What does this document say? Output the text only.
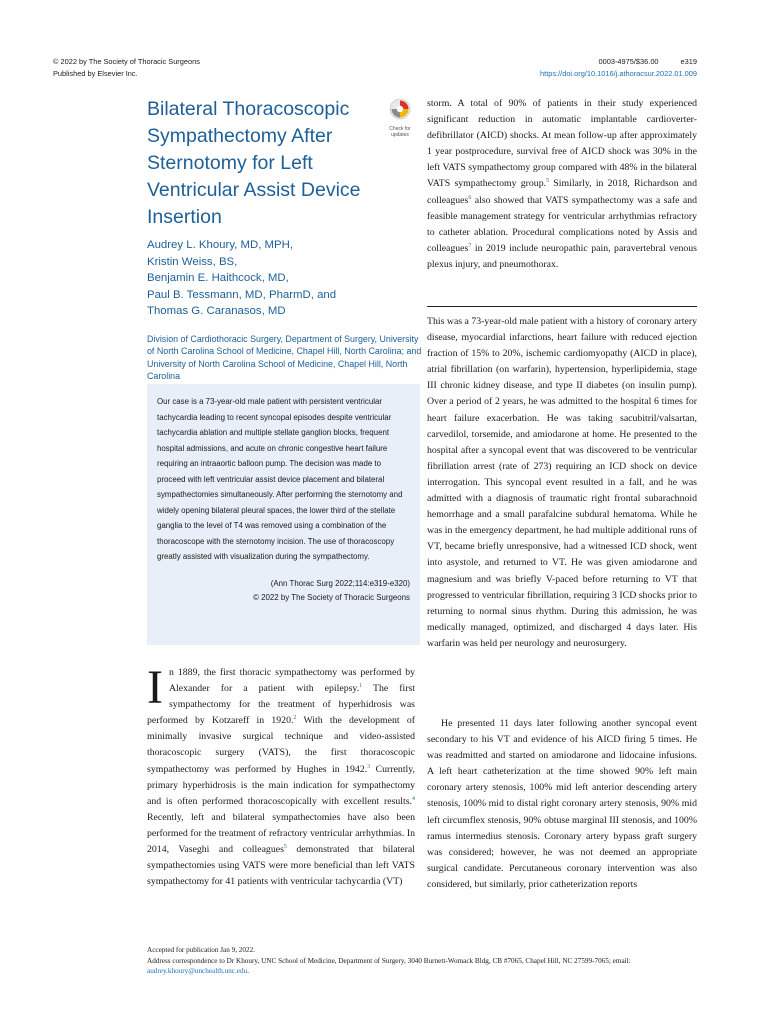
© 2022 by The Society of Thoracic Surgeons
Published by Elsevier Inc.
0003-4975/$36.00	e319
https://doi.org/10.1016/j.athoracsur.2022.01.009
Bilateral Thoracoscopic Sympathectomy After Sternotomy for Left Ventricular Assist Device Insertion
Check for updates
Audrey L. Khoury, MD, MPH,
Kristin Weiss, BS,
Benjamin E. Haithcock, MD,
Paul B. Tessmann, MD, PharmD, and
Thomas G. Caranasos, MD
Division of Cardiothoracic Surgery, Department of Surgery, University of North Carolina School of Medicine, Chapel Hill, North Carolina; and University of North Carolina School of Medicine, Chapel Hill, North Carolina

Our case is a 73-year-old male patient with persistent ventricular tachycardia leading to recent syncopal episodes despite ventricular tachycardia ablation and multiple stellate ganglion blocks, frequent hospital admissions, and acute on chronic congestive heart failure requiring an intraaortic balloon pump. The decision was made to proceed with left ventricular assist device placement and bilateral sympathectomies simultaneously. After performing the sternotomy and widely opening bilateral pleural spaces, the lower third of the stellate ganglia to the level of T4 was removed using a combination of the thoracoscope with the sternotomy incision. The use of thoracoscopy greatly assisted with visualization during the sympathectomy.

(Ann Thorac Surg 2022;114:e319-e320)
© 2022 by The Society of Thoracic Surgeons

In 1889, the first thoracic sympathectomy was performed by Alexander for a patient with epilepsy.$^1$ The first sympathectomy for the treatment of hyperhidrosis was performed by Kotzareff in 1920.$^2$ With the development of minimally invasive surgical technique and video-assisted thoracoscopic surgery (VATS), the first thoracoscopic sympathectomy was performed by Hughes in 1942.$^3$ Currently, primary hyperhidrosis is the main indication for sympathectomy and is often performed thoracoscopically with excellent results.$^4$ Recently, left and bilateral sympathectomies have also been performed for the treatment of refractory ventricular arrhythmias. In 2014, Vaseghi and colleagues$^5$ demonstrated that bilateral sympathectomies using VATS were more beneficial than left VATS sympathectomy for 41 patients with ventricular tachycardia (VT)

storm. A total of 90% of patients in their study experienced significant reduction in automatic implantable cardioverter-defibrillator (AICD) shocks. At mean follow-up after approximately 1 year postprocedure, survival free of AICD shock was 30% in the left VATS sympathectomy group compared with 48% in the bilateral VATS sympathectomy group.$^5$ Similarly, in 2018, Richardson and colleagues$^6$ also showed that VATS sympathectomy was a safe and feasible management strategy for ventricular arrhythmias refractory to catheter ablation. Procedural complications noted by Assis and colleagues$^7$ in 2019 include neuropathic pain, paravertebral venous plexus injury, and pneumothorax.

This was a 73-year-old male patient with a history of coronary artery disease, myocardial infarctions, heart failure with reduced ejection fraction of 15% to 20%, ischemic cardiomyopathy (AICD in place), atrial fibrillation (on warfarin), hypertension, hyperlipidemia, stage III chronic kidney disease, and type II diabetes (on insulin pump). Over a period of 2 years, he was admitted to the hospital 6 times for heart failure exacerbation. He was taking sacubitril/valsartan, carvedilol, torsemide, and amiodarone at home. He presented to the hospital after a syncopal event that was discovered to be ventricular fibrillation arrest (rate of 273) requiring an ICD shock on device interrogation. This syncopal event resulted in a fall, and he was admitted with a diagnosis of traumatic right frontal subarachnoid hemorrhage and a small parafalcine subdural hematoma. While he was in the emergency department, he had multiple additional runs of VT, became briefly unresponsive, had a witnessed ICD shock, went into asystole, and returned to VT. He was given amiodarone and magnesium and was briefly V-paced before returning to VT that progressed to ventricular fibrillation, requiring 3 ICD shocks prior to returning to normal sinus rhythm. During this admission, he was medically managed, optimized, and discharged 4 days later. His warfarin was held per neurology and neurosurgery.

He presented 11 days later following another syncopal event secondary to his VT and evidence of his AICD firing 5 times. He was readmitted and started on amiodarone and lidocaine infusions. A left heart catheterization at the time showed 90% left main coronary artery stenosis, 100% mid left anterior descending artery stenosis, 100% mid to distal right coronary artery stenosis, 90% mid left circumflex stenosis, 90% obtuse marginal III stenosis, and 100% ramus intermedius stenosis. Coronary artery bypass graft surgery was considered; however, he was not deemed an appropriate surgical candidate. Percutaneous coronary intervention was also considered, but similarly, prior catheterization reports

Accepted for publication Jan 9, 2022.
Address correspondence to Dr Khoury, UNC School of Medicine, Department of Surgery, 3040 Burnett-Womack Bldg, CB #7065, Chapel Hill, NC 27599-7065; email: audrey.khoury@unchealth.unc.edu.
